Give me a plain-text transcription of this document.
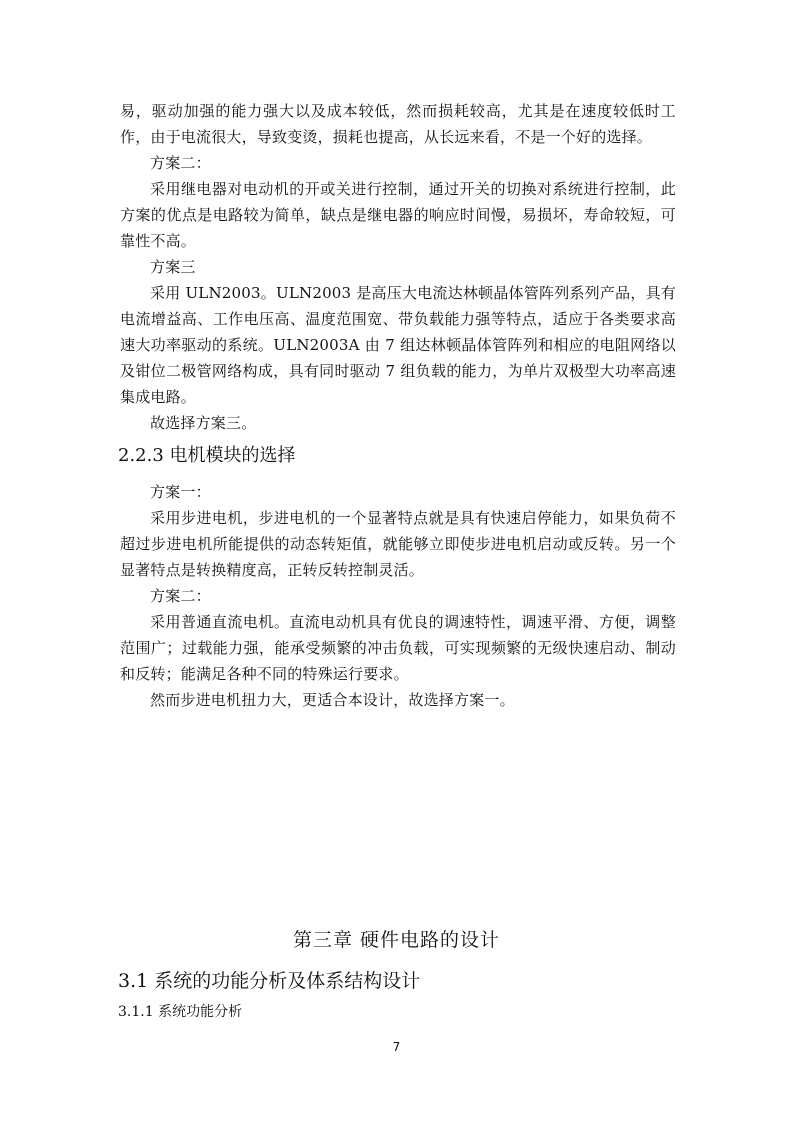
易，驱动加强的能力强大以及成本较低，然而损耗较高，尤其是在速度较低时工作，由于电流很大，导致变烫，损耗也提高，从长远来看，不是一个好的选择。

方案二：

采用继电器对电动机的开或关进行控制，通过开关的切换对系统进行控制，此方案的优点是电路较为简单，缺点是继电器的响应时间慢，易损坏，寿命较短，可靠性不高。

方案三

采用 ULN2003。ULN2003 是高压大电流达林顿晶体管阵列系列产品，具有电流增益高、工作电压高、温度范围宽、带负载能力强等特点，适应于各类要求高速大功率驱动的系统。ULN2003A 由 7 组达林顿晶体管阵列和相应的电阻网络以及钳位二极管网络构成，具有同时驱动 7 组负载的能力，为单片双极型大功率高速集成电路。

故选择方案三。

2.2.3 电机模块的选择

方案一：

采用步进电机，步进电机的一个显著特点就是具有快速启停能力，如果负荷不超过步进电机所能提供的动态转矩值，就能够立即使步进电机启动或反转。另一个显著特点是转换精度高，正转反转控制灵活。

方案二：

采用普通直流电机。直流电动机具有优良的调速特性，调速平滑、方便，调整范围广；过载能力强，能承受频繁的冲击负载，可实现频繁的无级快速启动、制动和反转；能满足各种不同的特殊运行要求。

然而步进电机扭力大，更适合本设计，故选择方案一。

第三章 硬件电路的设计

3.1 系统的功能分析及体系结构设计

3.1.1 系统功能分析

7
